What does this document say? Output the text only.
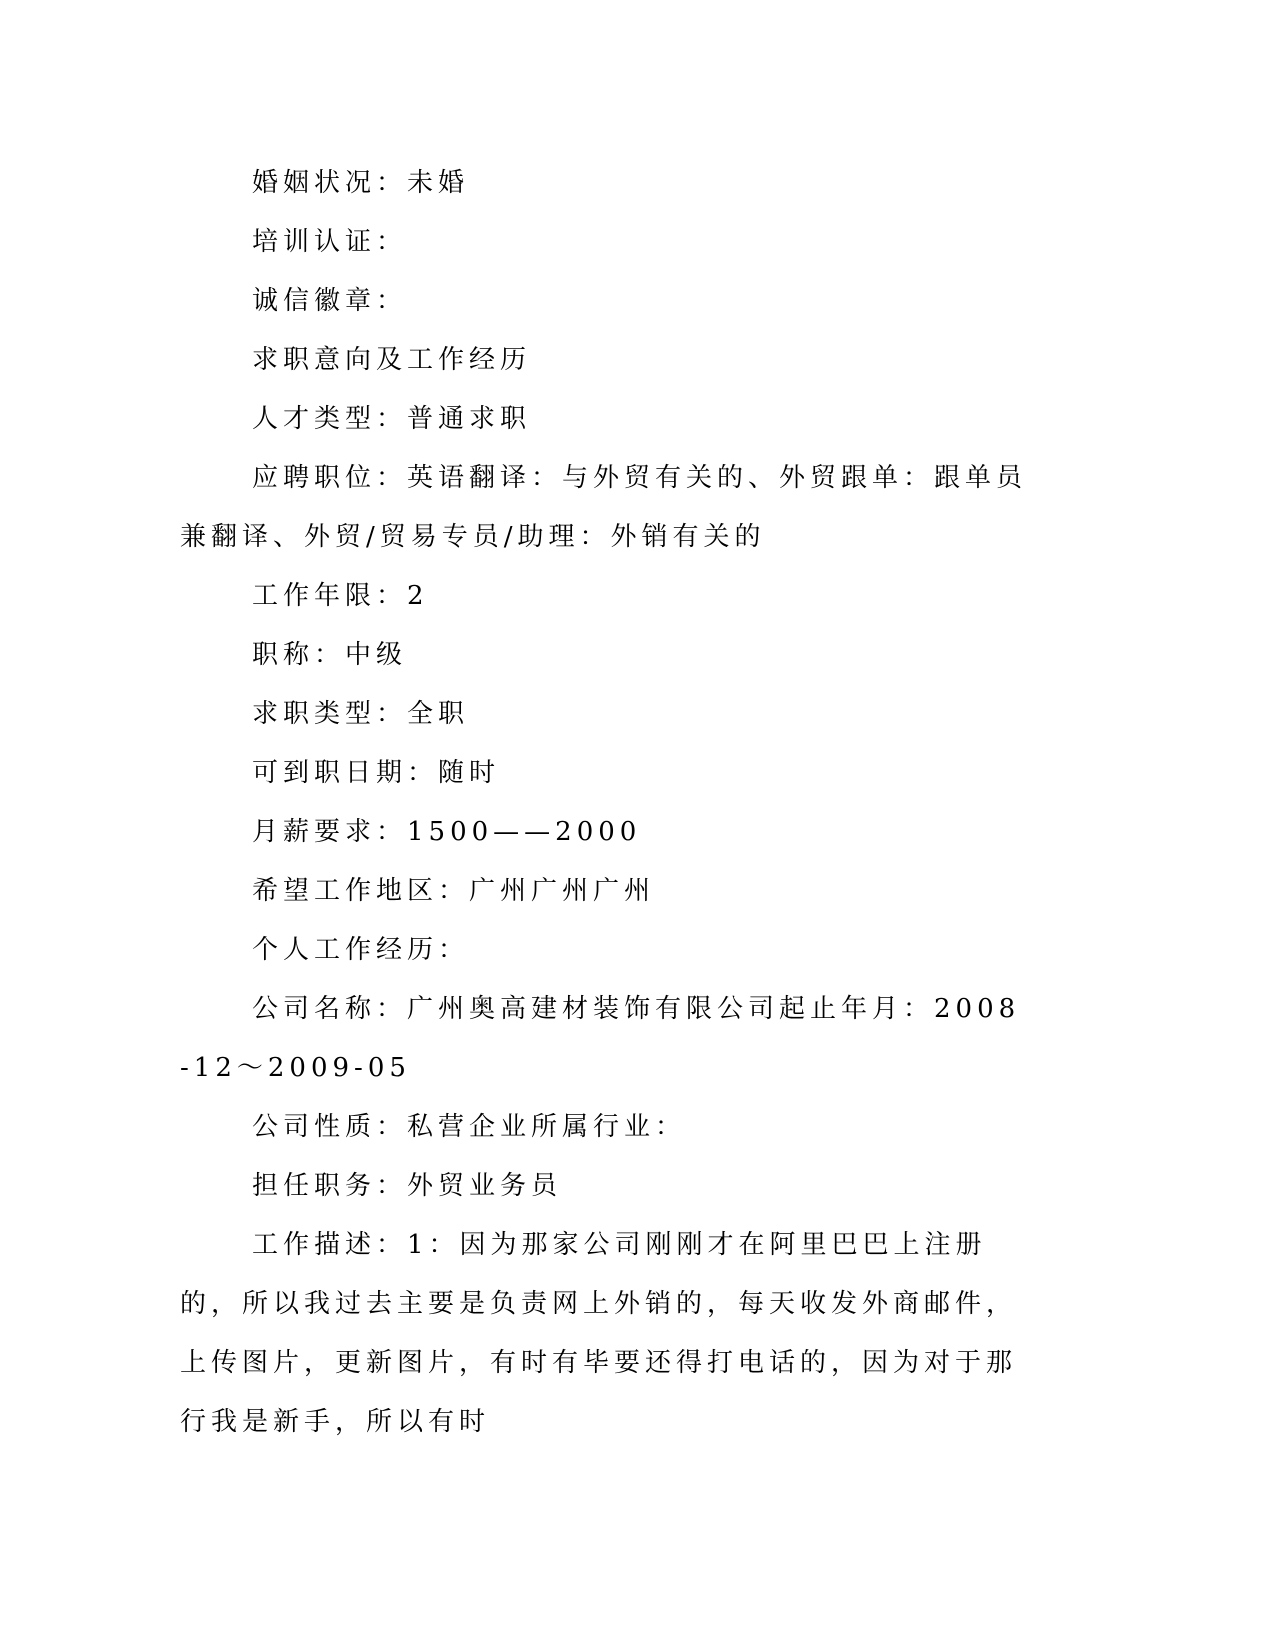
婚姻状况：未婚

培训认证：

诚信徽章：

求职意向及工作经历

人才类型：普通求职

应聘职位：英语翻译：与外贸有关的、外贸跟单：跟单员兼翻译、外贸/贸易专员/助理：外销有关的

工作年限：2

职称：中级

求职类型：全职

可到职日期：随时

月薪要求：1500——2000

希望工作地区：广州广州广州

个人工作经历：

公司名称：广州奥高建材装饰有限公司起止年月：2008-12～2009-05

公司性质：私营企业所属行业：

担任职务：外贸业务员

工作描述：1：因为那家公司刚刚才在阿里巴巴上注册的，所以我过去主要是负责网上外销的，每天收发外商邮件，上传图片，更新图片，有时有毕要还得打电话的，因为对于那行我是新手，所以有时
